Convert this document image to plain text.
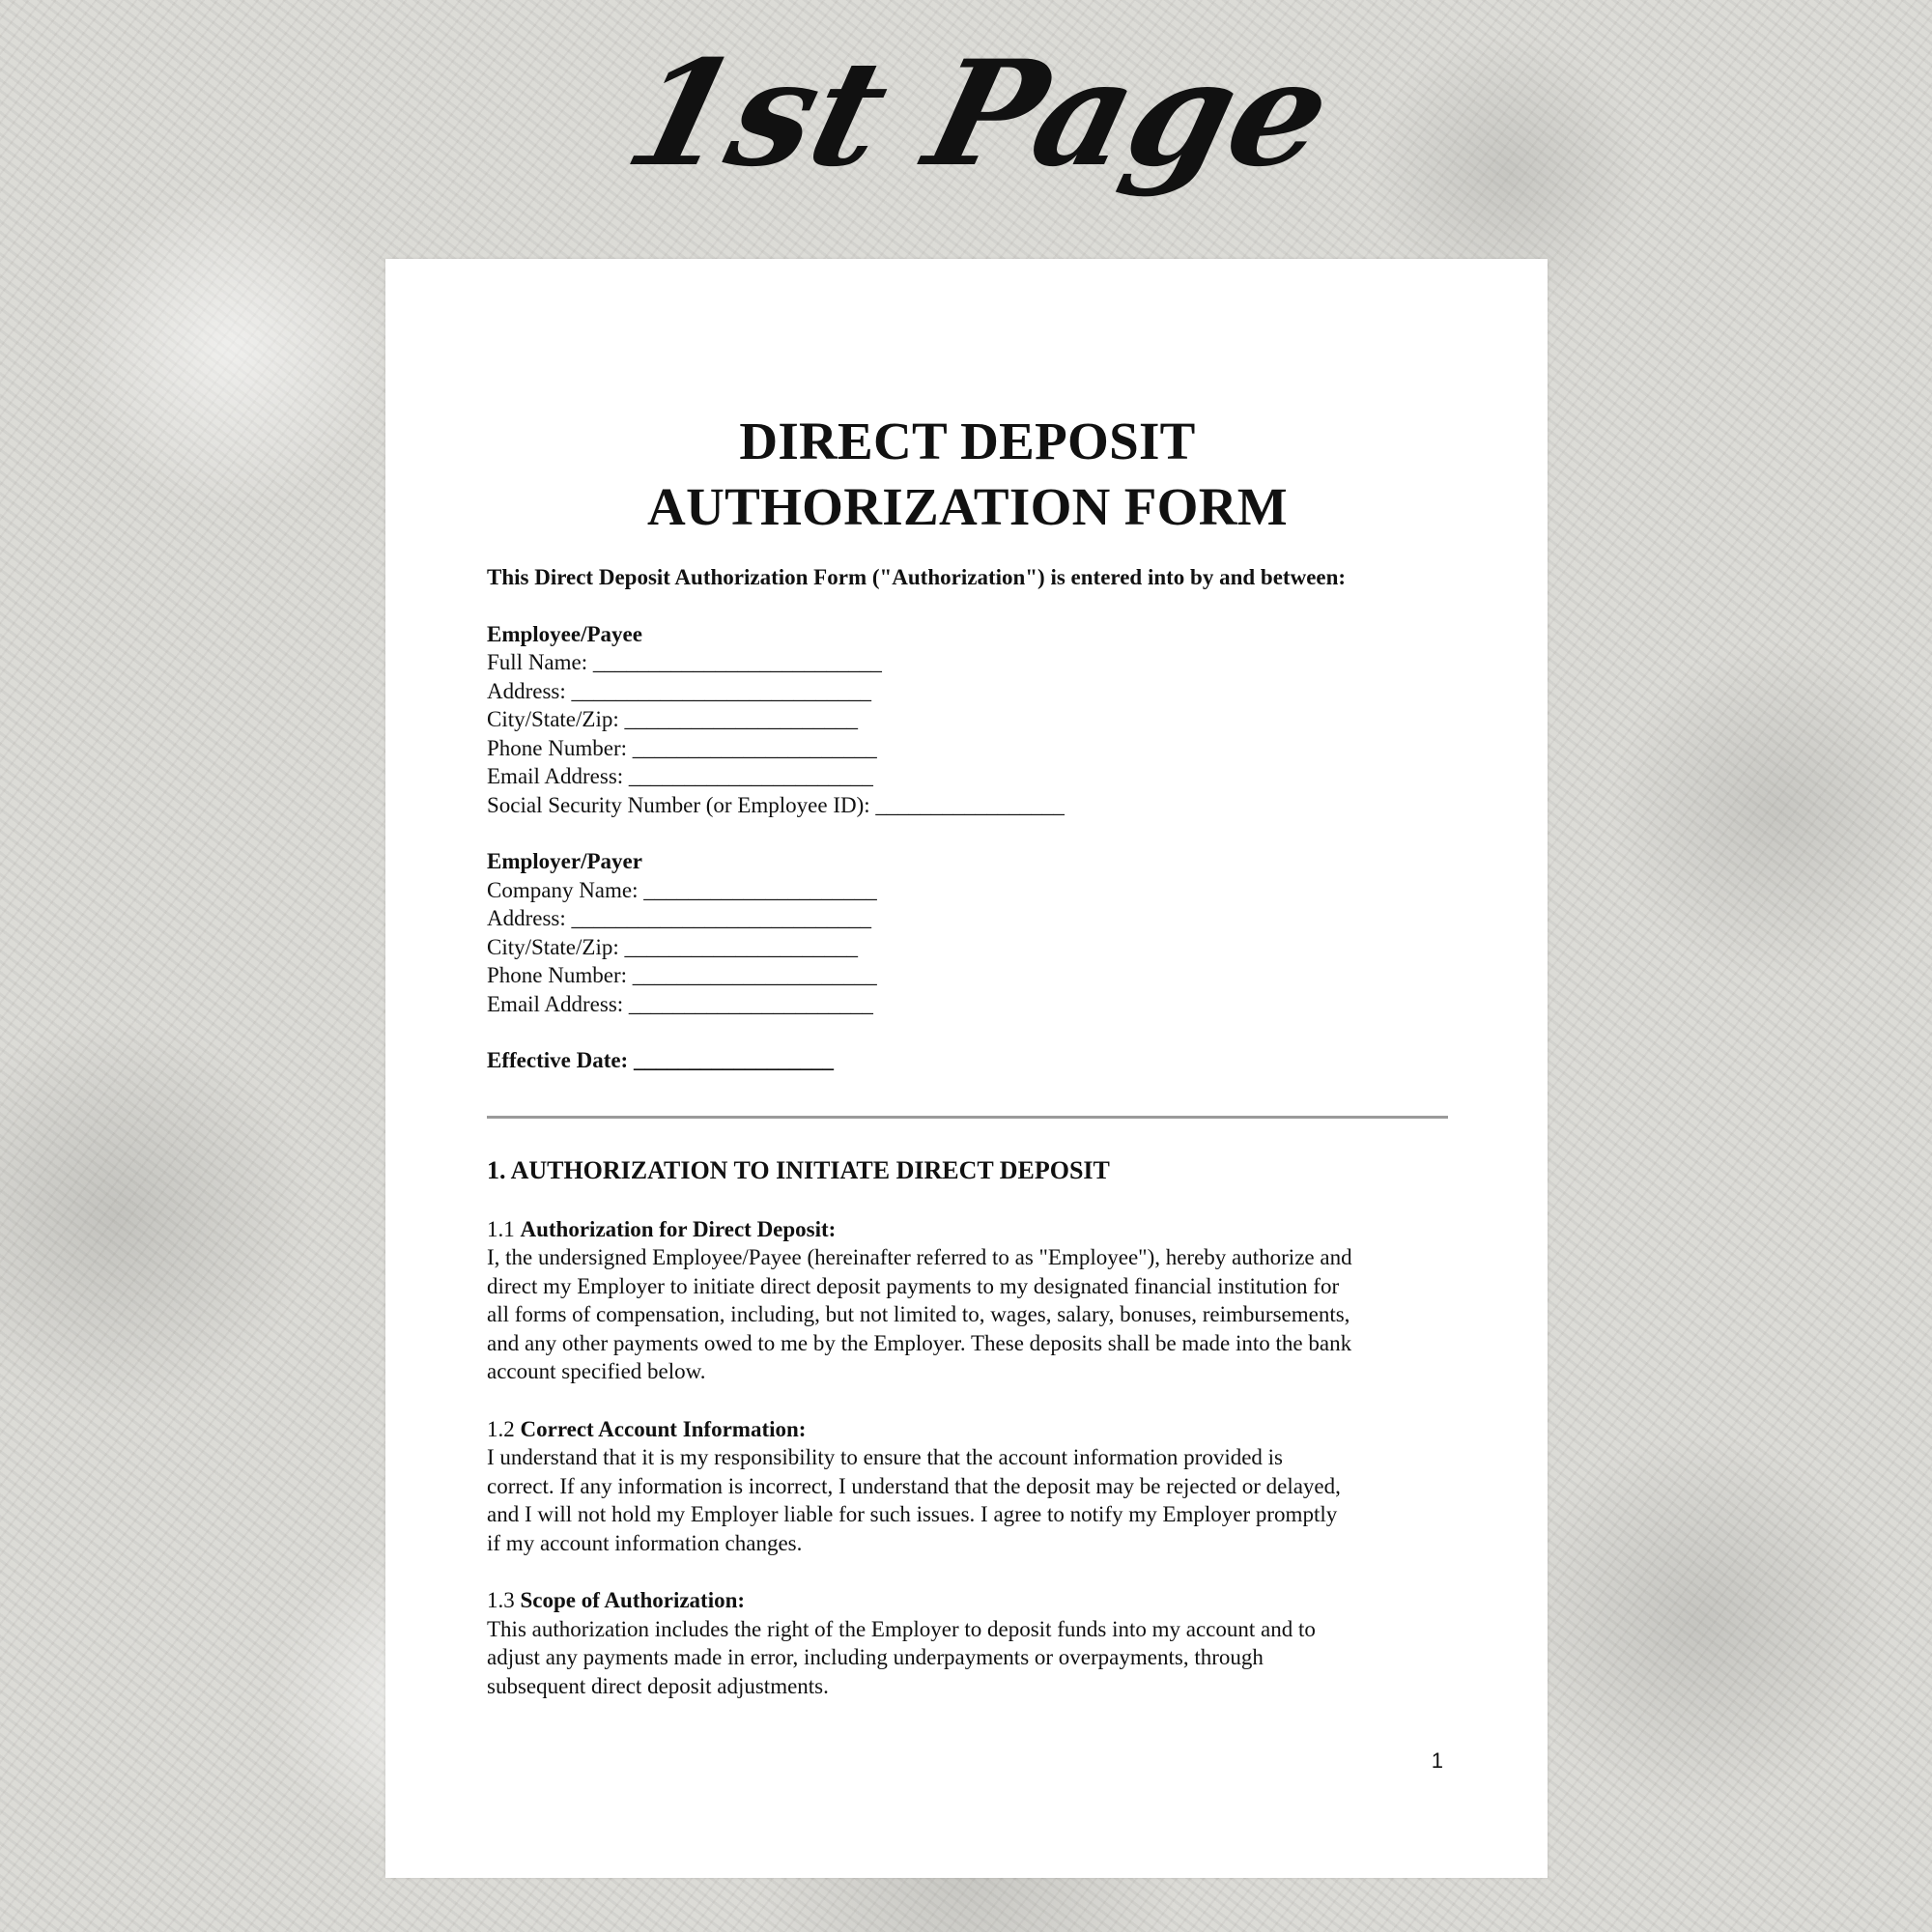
1st Page
DIRECT DEPOSIT
AUTHORIZATION FORM
This Direct Deposit Authorization Form ("Authorization") is entered into by and between:
Employee/Payee
Full Name: __________________________
Address: ___________________________
City/State/Zip: _____________________
Phone Number: ______________________
Email Address: ______________________
Social Security Number (or Employee ID): _________________
Employer/Payer
Company Name: _____________________
Address: ___________________________
City/State/Zip: _____________________
Phone Number: ______________________
Email Address: ______________________
Effective Date: __________________
1. AUTHORIZATION TO INITIATE DIRECT DEPOSIT
1.1 Authorization for Direct Deposit:
I, the undersigned Employee/Payee (hereinafter referred to as "Employee"), hereby authorize and
direct my Employer to initiate direct deposit payments to my designated financial institution for
all forms of compensation, including, but not limited to, wages, salary, bonuses, reimbursements,
and any other payments owed to me by the Employer. These deposits shall be made into the bank
account specified below.
1.2 Correct Account Information:
I understand that it is my responsibility to ensure that the account information provided is
correct. If any information is incorrect, I understand that the deposit may be rejected or delayed,
and I will not hold my Employer liable for such issues. I agree to notify my Employer promptly
if my account information changes.
1.3 Scope of Authorization:
This authorization includes the right of the Employer to deposit funds into my account and to
adjust any payments made in error, including underpayments or overpayments, through
subsequent direct deposit adjustments.
1
